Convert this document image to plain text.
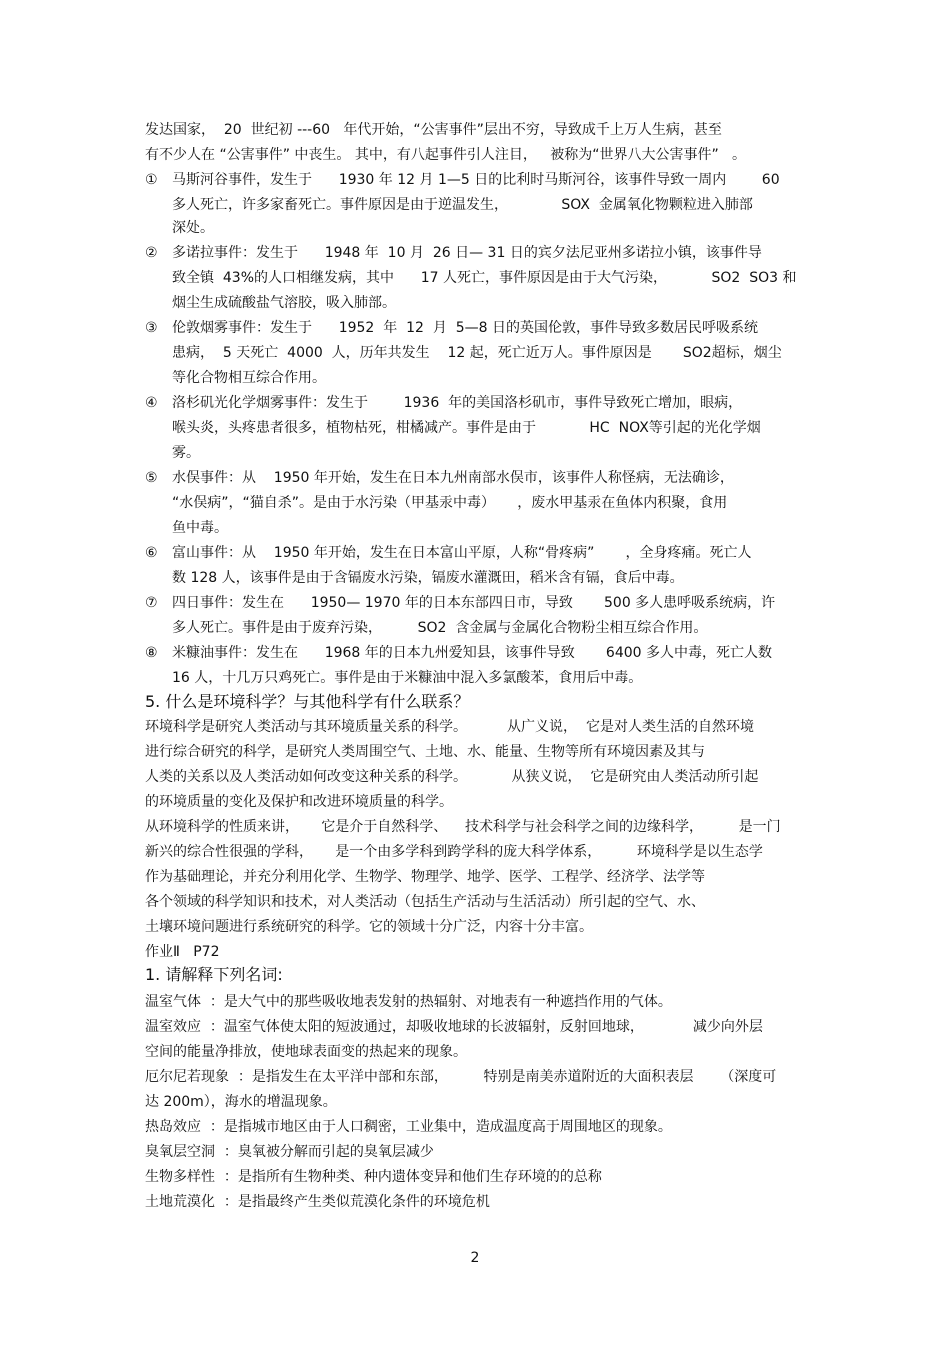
发达国家，  20  世纪初 ---60   年代开始，“公害事件”层出不穷，导致成千上万人生病，甚至
有不少人在 “公害事件” 中丧生。 其中，有八起事件引人注目，   被称为“世界八大公害事件”   。
① 马斯河谷事件，发生于      1930 年 12 月 1—5 日的比利时马斯河谷，该事件导致一周内        60
多人死亡，许多家畜死亡。事件原因是由于逆温发生，            SOX  金属氧化物颗粒进入肺部
深处。
② 多诺拉事件：发生于      1948 年  10 月  26 日— 31 日的宾夕法尼亚州多诺拉小镇，该事件导
致全镇  43%的人口相继发病，其中      17 人死亡，事件原因是由于大气污染，          SO2  SO3 和
烟尘生成硫酸盐气溶胶，吸入肺部。
③ 伦敦烟雾事件：发生于      1952  年  12  月  5—8 日的英国伦敦，事件导致多数居民呼吸系统
患病，  5 天死亡  4000  人，历年共发生    12 起，死亡近万人。事件原因是       SO2超标，烟尘
等化合物相互综合作用。
④ 洛杉矶光化学烟雾事件：发生于        1936  年的美国洛杉矶市，事件导致死亡增加，眼病，
喉头炎，头疼患者很多，植物枯死，柑橘减产。事件是由于            HC  NOX等引起的光化学烟
雾。
⑤ 水俣事件：从    1950 年开始，发生在日本九州南部水俣市，该事件人称怪病，无法确诊，
“水俣病”，“猫自杀”。是由于水污染（甲基汞中毒）     ，废水甲基汞在鱼体内积聚，食用
鱼中毒。
⑥ 富山事件：从    1950 年开始，发生在日本富山平原，人称“骨疼病”       ，全身疼痛。死亡人
数 128 人，该事件是由于含镉废水污染，镉废水灌溉田，稻米含有镉，食后中毒。
⑦ 四日事件：发生在      1950— 1970 年的日本东部四日市，导致       500 多人患呼吸系统病，许
多人死亡。事件是由于废弃污染，        SO2  含金属与金属化合物粉尘相互综合作用。
⑧ 米糠油事件：发生在      1968 年的日本九州爱知县，该事件导致       6400 多人中毒，死亡人数
16 人，十几万只鸡死亡。事件是由于米糠油中混入多氯酸苯，食用后中毒。
5. 什么是环境科学？与其他科学有什么联系？
环境科学是研究人类活动与其环境质量关系的科学。         从广义说，  它是对人类生活的自然环境
进行综合研究的科学，是研究人类周围空气、土地、水、能量、生物等所有环境因素及其与
人类的关系以及人类活动如何改变这种关系的科学。          从狭义说，  它是研究由人类活动所引起
的环境质量的变化及保护和改进环境质量的科学。
从环境科学的性质来讲，     它是介于自然科学、    技术科学与社会科学之间的边缘科学，        是一门
新兴的综合性很强的学科，     是一个由多学科到跨学科的庞大科学体系，        环境科学是以生态学
作为基础理论，并充分利用化学、生物学、物理学、地学、医学、工程学、经济学、法学等
各个领域的科学知识和技术，对人类活动（包括生产活动与生活活动）所引起的空气、水、
土壤环境问题进行系统研究的科学。它的领域十分广泛，内容十分丰富。
作业Ⅱ   P72
1. 请解释下列名词:
温室气体  ：是大气中的那些吸收地表发射的热辐射、对地表有一种遮挡作用的气体。
温室效应  ：温室气体使太阳的短波通过，却吸收地球的长波辐射，反射回地球，           减少向外层
空间的能量净排放，使地球表面变的热起来的现象。
厄尔尼若现象  ：是指发生在太平洋中部和东部，        特别是南美赤道附近的大面积表层      （深度可
达 200m），海水的增温现象。
热岛效应  ：是指城市地区由于人口稠密，工业集中，造成温度高于周围地区的现象。
臭氧层空洞  ：臭氧被分解而引起的臭氧层减少
生物多样性  ：是指所有生物种类、种内遗体变异和他们生存环境的的总称
土地荒漠化  ：是指最终产生类似荒漠化条件的环境危机
2
